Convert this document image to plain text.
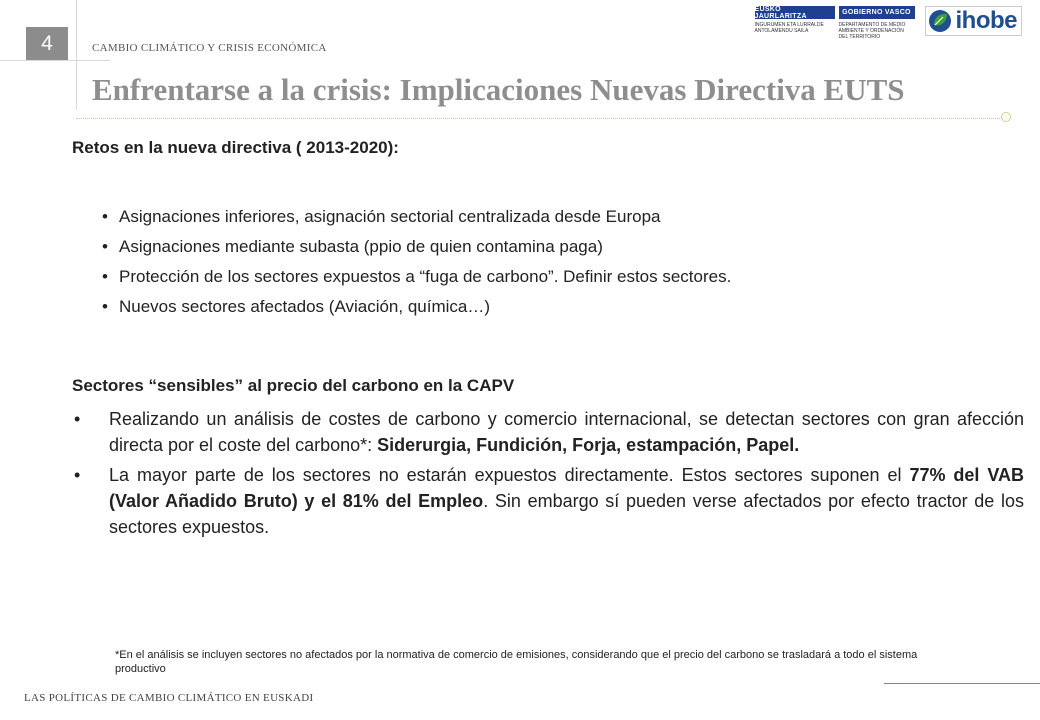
4	CAMBIO CLIMÁTICO Y CRISIS ECONÓMICA
Enfrentarse a la crisis: Implicaciones Nuevas Directiva EUTS
EUSKO JAURLARITZA	GOBIERNO VASCO
INGURUMEN ETA LURRALDE ANTOLAMENDU SAILA
DEPARTAMENTO DE MEDIO AMBIENTE Y ORDENACIÓN DEL TERRITORIO
ihobe

Retos en la nueva directiva ( 2013-2020):

• Asignaciones inferiores, asignación sectorial centralizada desde Europa
• Asignaciones mediante subasta (ppio de quien contamina paga)
• Protección de los sectores expuestos a “fuga de carbono”. Definir estos sectores.
• Nuevos sectores afectados (Aviación, química…)

Sectores “sensibles” al precio del carbono en la CAPV

• Realizando un análisis de costes de carbono y comercio internacional, se detectan sectores con gran afección directa por el coste del carbono*: Siderurgia, Fundición, Forja, estampación, Papel.
• La mayor parte de los sectores no estarán expuestos directamente. Estos sectores suponen el 77% del VAB (Valor Añadido Bruto) y el 81% del Empleo. Sin embargo sí pueden verse afectados por efecto tractor de los sectores expuestos.
*En el análisis se incluyen sectores no afectados por la normativa de comercio de emisiones, considerando que el precio del carbono se trasladará a todo el sistema productivo
LAS POLÍTICAS DE CAMBIO CLIMÁTICO EN EUSKADI
